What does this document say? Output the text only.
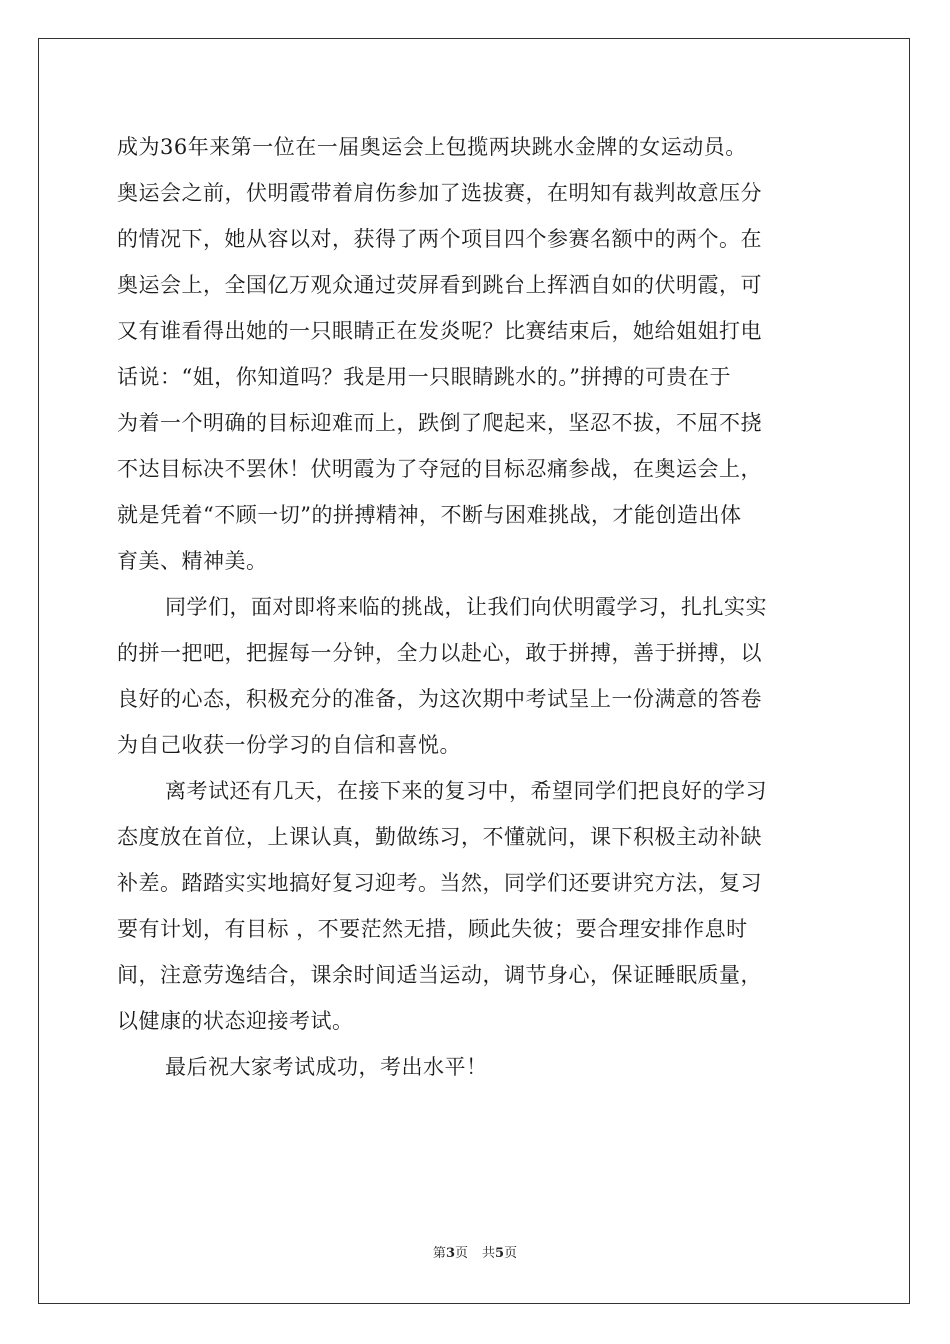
成为36年来第一位在一届奥运会上包揽两块跳水金牌的女运动员。
奥运会之前，伏明霞带着肩伤参加了选拔赛，在明知有裁判故意压分
的情况下，她从容以对，获得了两个项目四个参赛名额中的两个。在
奥运会上，全国亿万观众通过荧屏看到跳台上挥洒自如的伏明霞，可
又有谁看得出她的一只眼睛正在发炎呢？比赛结束后，她给姐姐打电
话说：“姐，你知道吗？我是用一只眼睛跳水的。”拼搏的可贵在于
为着一个明确的目标迎难而上，跌倒了爬起来，坚忍不拔，不屈不挠
不达目标决不罢休！伏明霞为了夺冠的目标忍痛参战，在奥运会上，
就是凭着“不顾一切”的拼搏精神，不断与困难挑战，才能创造出体
育美、精神美。
同学们，面对即将来临的挑战，让我们向伏明霞学习，扎扎实实
的拼一把吧，把握每一分钟，全力以赴心，敢于拼搏，善于拼搏，以
良好的心态，积极充分的准备，为这次期中考试呈上一份满意的答卷
为自己收获一份学习的自信和喜悦。
离考试还有几天，在接下来的复习中，希望同学们把良好的学习
态度放在首位，上课认真，勤做练习，不懂就问，课下积极主动补缺
补差。踏踏实实地搞好复习迎考。当然，同学们还要讲究方法，复习
要有计划，有目标 ，不要茫然无措，顾此失彼；要合理安排作息时
间，注意劳逸结合，课余时间适当运动，调节身心，保证睡眠质量，
以健康的状态迎接考试。
最后祝大家考试成功，考出水平！
第3页 共5页
